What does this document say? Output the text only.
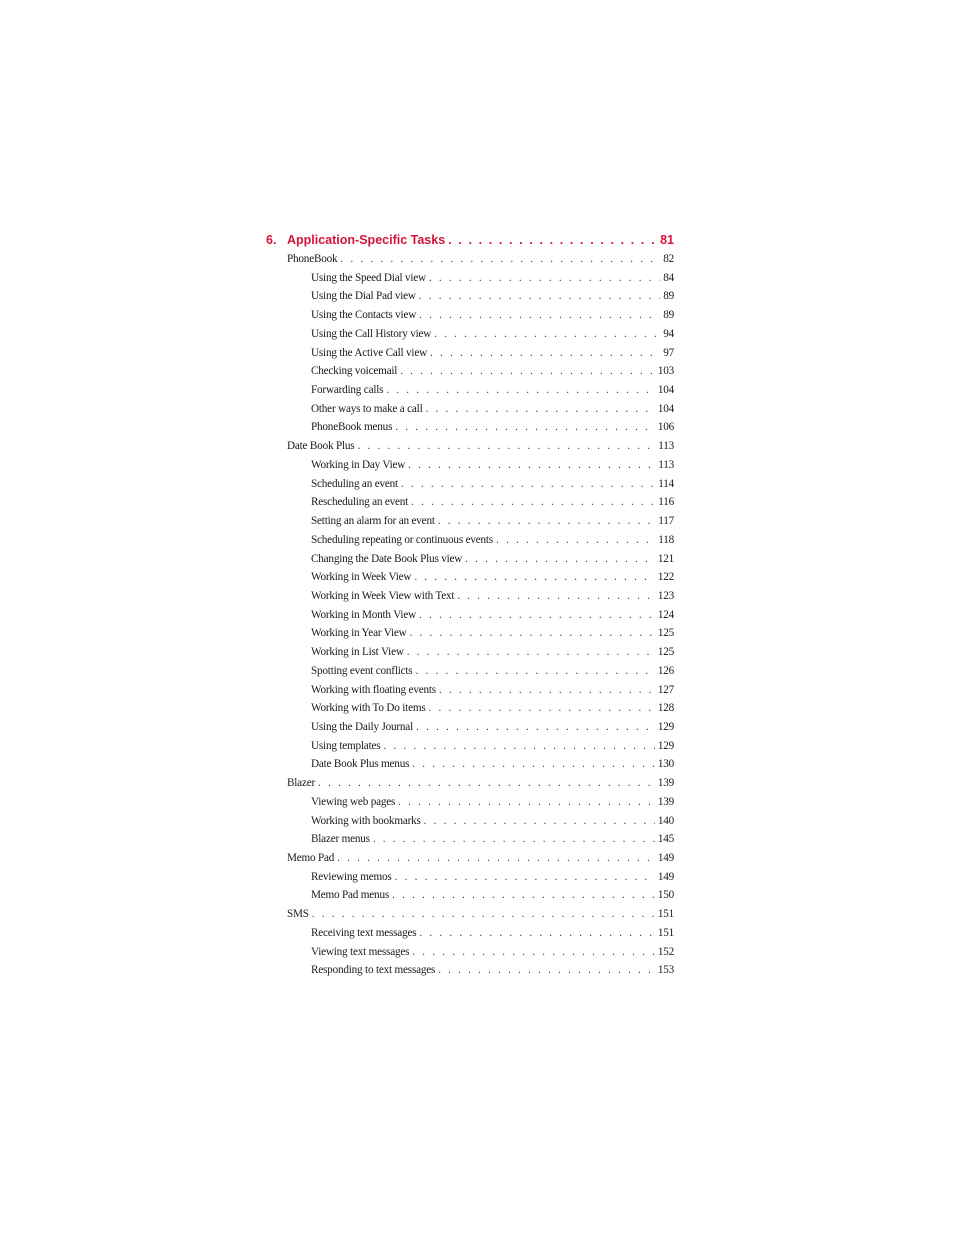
6. Application-Specific Tasks . . .	81
PhoneBook . . .	82
Using the Speed Dial view . . .	84
Using the Dial Pad view . . .	89
Using the Contacts view . . .	89
Using the Call History view . . .	94
Using the Active Call view . . .	97
Checking voicemail . . .	103
Forwarding calls . . .	104
Other ways to make a call . . .	104
PhoneBook menus . . .	106
Date Book Plus . . .	113
Working in Day View . . .	113
Scheduling an event . . .	114
Rescheduling an event . . .	116
Setting an alarm for an event . . .	117
Scheduling repeating or continuous events . . .	118
Changing the Date Book Plus view . . .	121
Working in Week View . . .	122
Working in Week View with Text . . .	123
Working in Month View . . .	124
Working in Year View . . .	125
Working in List View . . .	125
Spotting event conflicts . . .	126
Working with floating events . . .	127
Working with To Do items . . .	128
Using the Daily Journal . . .	129
Using templates . . .	129
Date Book Plus menus . . .	130
Blazer . . .	139
Viewing web pages . . .	139
Working with bookmarks . . .	140
Blazer menus . . .	145
Memo Pad . . .	149
Reviewing memos . . .	149
Memo Pad menus . . .	150
SMS . . .	151
Receiving text messages . . .	151
Viewing text messages . . .	152
Responding to text messages . . .	153
